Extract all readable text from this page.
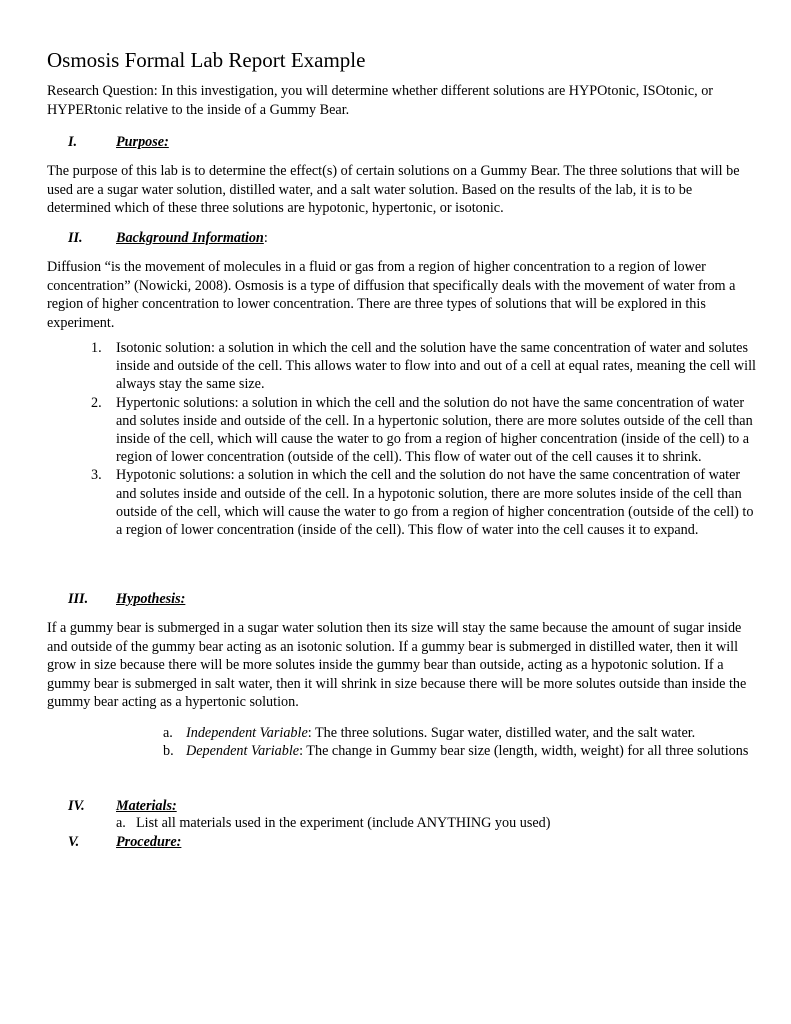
Osmosis Formal Lab Report Example

Research Question: In this investigation, you will determine whether different solutions are HYPOtonic, ISOtonic, or HYPERtonic relative to the inside of a Gummy Bear.

I.	Purpose:

The purpose of this lab is to determine the effect(s) of certain solutions on a Gummy Bear. The three solutions that will be used are a sugar water solution, distilled water, and a salt water solution. Based on the results of the lab, it is to be determined which of these three solutions are hypotonic, hypertonic, or isotonic.

II. Background Information:

Diffusion “is the movement of molecules in a fluid or gas from a region of higher concentration to a region of lower concentration” (Nowicki, 2008). Osmosis is a type of diffusion that specifically deals with the movement of water from a region of higher concentration to lower concentration. There are three types of solutions that will be explored in this experiment.

1. Isotonic solution: a solution in which the cell and the solution have the same concentration of water and solutes inside and outside of the cell. This allows water to flow into and out of a cell at equal rates, meaning the cell will always stay the same size.
2. Hypertonic solutions: a solution in which the cell and the solution do not have the same concentration of water and solutes inside and outside of the cell. In a hypertonic solution, there are more solutes outside of the cell than inside of the cell, which will cause the water to go from a region of higher concentration (inside of the cell) to a region of lower concentration (outside of the cell). This flow of water out of the cell causes it to shrink.
3. Hypotonic solutions: a solution in which the cell and the solution do not have the same concentration of water and solutes inside and outside of the cell. In a hypotonic solution, there are more solutes inside of the cell than outside of the cell, which will cause the water to go from a region of higher concentration (outside of the cell) to a region of lower concentration (inside of the cell). This flow of water into the cell causes it to expand.
III. Hypothesis:

If a gummy bear is submerged in a sugar water solution then its size will stay the same because the amount of sugar inside and outside of the gummy bear acting as an isotonic solution. If a gummy bear is submerged in distilled water, then it will grow in size because there will be more solutes inside the gummy bear than outside, acting as a hypotonic solution. If a gummy bear is submerged in salt water, then it will shrink in size because there will be more solutes outside than inside the gummy bear acting as a hypertonic solution.

a. Independent Variable: The three solutions. Sugar water, distilled water, and the salt water.
b. Dependent Variable: The change in Gummy bear size (length, width, weight) for all three solutions
IV. Materials:
a. List all materials used in the experiment (include ANYTHING you used)
V.	Procedure:
